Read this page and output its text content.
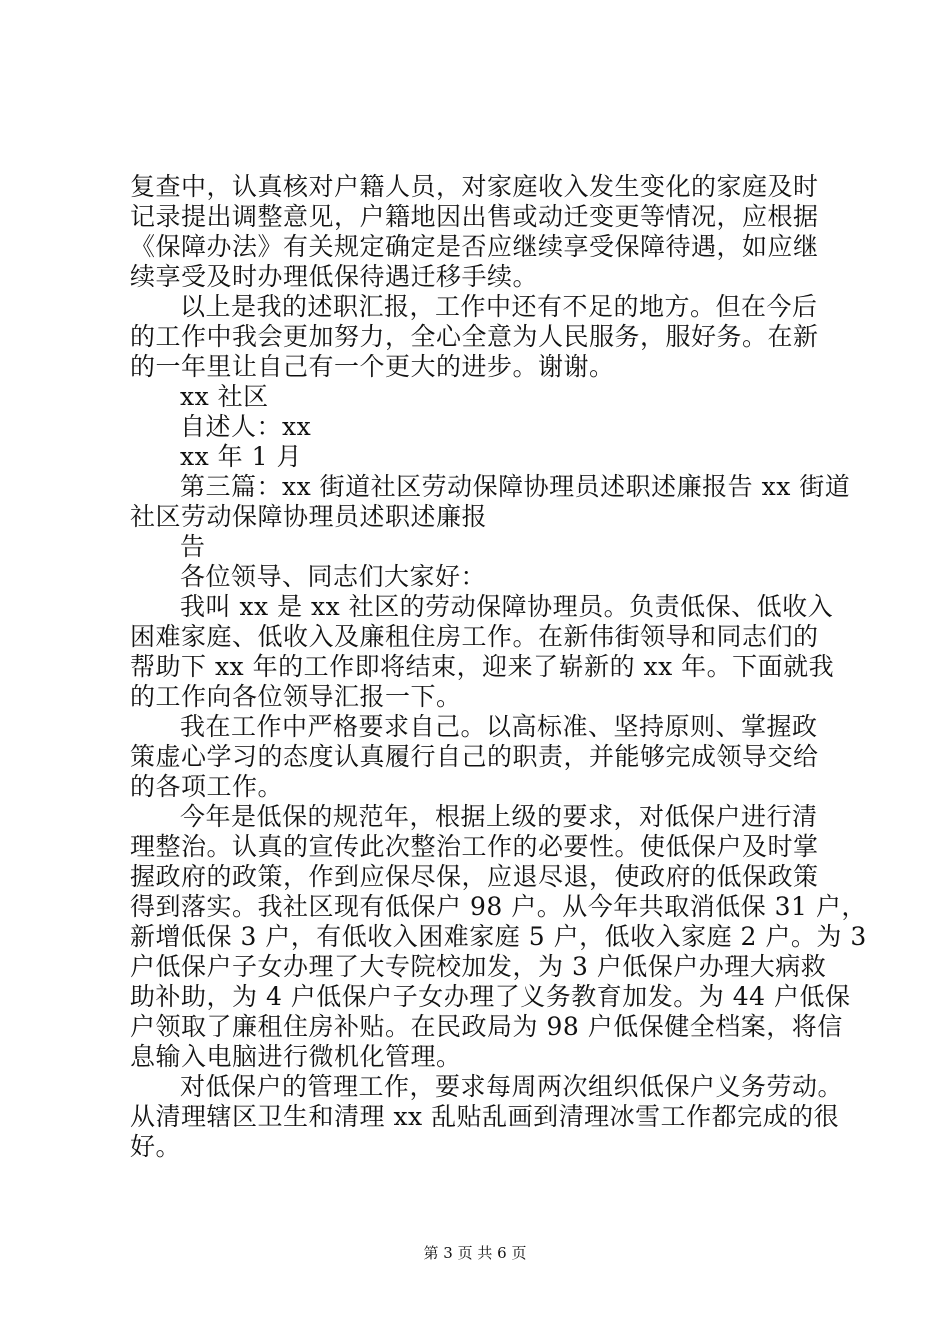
复查中，认真核对户籍人员，对家庭收入发生变化的家庭及时
记录提出调整意见，户籍地因出售或动迁变更等情况，应根据
《保障办法》有关规定确定是否应继续享受保障待遇，如应继
续享受及时办理低保待遇迁移手续。
以上是我的述职汇报，工作中还有不足的地方。但在今后
的工作中我会更加努力，全心全意为人民服务，服好务。在新
的一年里让自己有一个更大的进步。谢谢。
xx 社区
自述人：xx
xx 年 1 月
第三篇：xx 街道社区劳动保障协理员述职述廉报告 xx 街道
社区劳动保障协理员述职述廉报
告
各位领导、同志们大家好：
我叫 xx 是 xx 社区的劳动保障协理员。负责低保、低收入
困难家庭、低收入及廉租住房工作。在新伟街领导和同志们的
帮助下 xx 年的工作即将结束，迎来了崭新的 xx 年。下面就我
的工作向各位领导汇报一下。
我在工作中严格要求自己。以高标准、坚持原则、掌握政
策虚心学习的态度认真履行自己的职责，并能够完成领导交给
的各项工作。
今年是低保的规范年，根据上级的要求，对低保户进行清
理整治。认真的宣传此次整治工作的必要性。使低保户及时掌
握政府的政策，作到应保尽保，应退尽退，使政府的低保政策
得到落实。我社区现有低保户 98 户。从今年共取消低保 31 户，
新增低保 3 户，有低收入困难家庭 5 户，低收入家庭 2 户。为 3
户低保户子女办理了大专院校加发，为 3 户低保户办理大病救
助补助，为 4 户低保户子女办理了义务教育加发。为 44 户低保
户领取了廉租住房补贴。在民政局为 98 户低保健全档案，将信
息输入电脑进行微机化管理。
对低保户的管理工作，要求每周两次组织低保户义务劳动。
从清理辖区卫生和清理 xx 乱贴乱画到清理冰雪工作都完成的很
好。
第 3 页 共 6 页
